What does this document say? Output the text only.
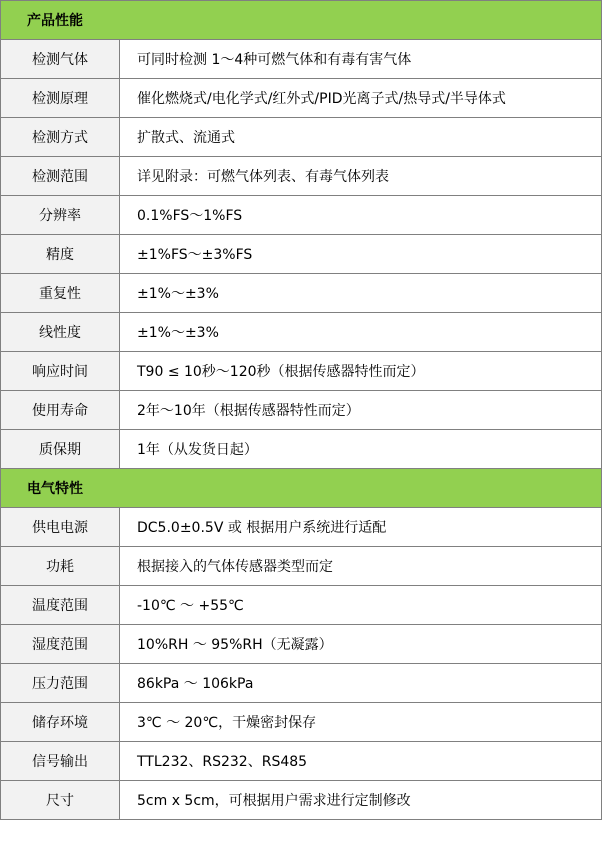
产品性能	
检测气体	可同时检测 1～4种可燃气体和有毒有害气体
检测原理	催化燃烧式/电化学式/红外式/PID光离子式/热导式/半导体式
检测方式	扩散式、流通式
检测范围	详见附录：可燃气体列表、有毒气体列表
分辨率	0.1%FS～1%FS
精度	±1%FS～±3%FS
重复性	±1%～±3%
线性度	±1%～±3%
响应时间	T90 ≤ 10秒～120秒（根据传感器特性而定）
使用寿命	2年～10年（根据传感器特性而定）
质保期	1年（从发货日起）
电气特性	
供电电源	DC5.0±0.5V 或 根据用户系统进行适配
功耗	根据接入的气体传感器类型而定
温度范围	-10℃ ～ +55℃
湿度范围	10%RH ～ 95%RH（无凝露）
压力范围	86kPa ～ 106kPa
储存环境	3℃ ～ 20℃，干燥密封保存
信号输出	TTL232、RS232、RS485
尺寸	5cm x 5cm，可根据用户需求进行定制修改
